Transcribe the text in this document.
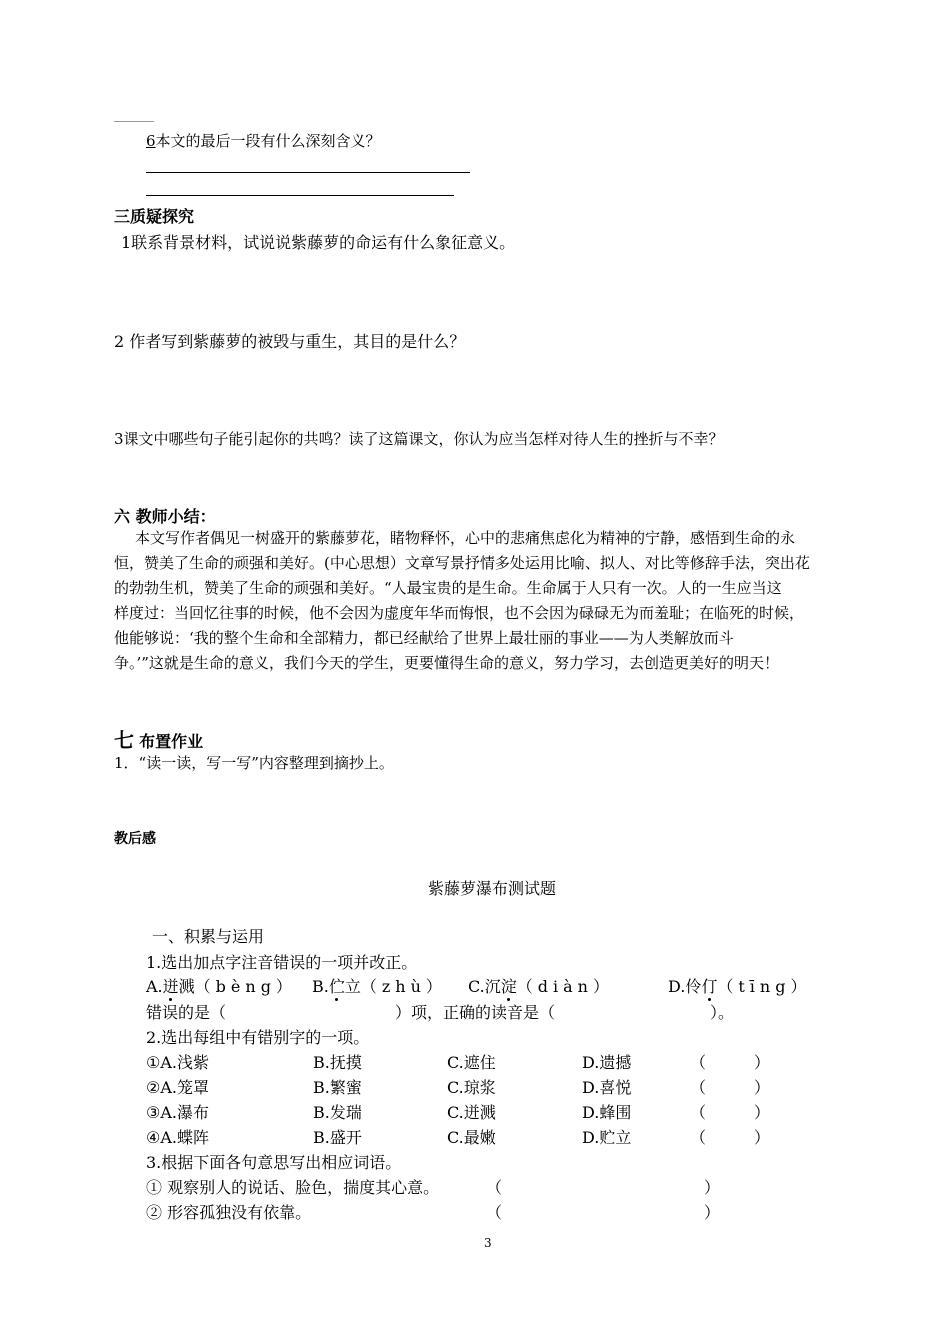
6本文的最后一段有什么深刻含义？
三质疑探究
1联系背景材料，试说说紫藤萝的命运有什么象征意义。
2 作者写到紫藤萝的被毁与重生，其目的是什么？
3课文中哪些句子能引起你的共鸣？读了这篇课文，你认为应当怎样对待人生的挫折与不幸？
六 教师小结：
本文写作者偶见一树盛开的紫藤萝花，睹物释怀，心中的悲痛焦虑化为精神的宁静，感悟到生命的永
恒，赞美了生命的顽强和美好。(中心思想）文章写景抒情多处运用比喻、拟人、对比等修辞手法，突出花
的勃勃生机，赞美了生命的顽强和美好。“人最宝贵的是生命。生命属于人只有一次。人的一生应当这
样度过：当回忆往事的时候，他不会因为虚度年华而悔恨，也不会因为碌碌无为而羞耻；在临死的时候，
他能够说：‘我的整个生命和全部精力，都已经献给了世界上最壮丽的事业——为人类解放而斗
争。’”这就是生命的意义，我们今天的学生，更要懂得生命的意义，努力学习，去创造更美好的明天！
七 布置作业
1．“读一读，写一写”内容整理到摘抄上。
教后感
紫藤萝瀑布测试题
一、积累与运用
1.选出加点字注音错误的一项并改正。
A.迸溅（bèng） B.伫立（zhù） C.沉淀（diàn）	D.伶仃（tīng）
错误的是（	）项，正确的读音是（	）。
2.选出每组中有错别字的一项。
①A.浅紫	B.抚摸	C.遮住	D.遗撼	（　　　）
②A.笼罩	B.繁蜜	C.琼浆	D.喜悦	（　　　）
③A.瀑布	B.发瑞	C.迸溅	D.蜂围	（　　　）
④A.蝶阵	B.盛开	C.最嫩	D.贮立	（　　　）
3.根据下面各句意思写出相应词语。
① 观察别人的说话、脸色，揣度其心意。	（	）
② 形容孤独没有依靠。	（	）
3
